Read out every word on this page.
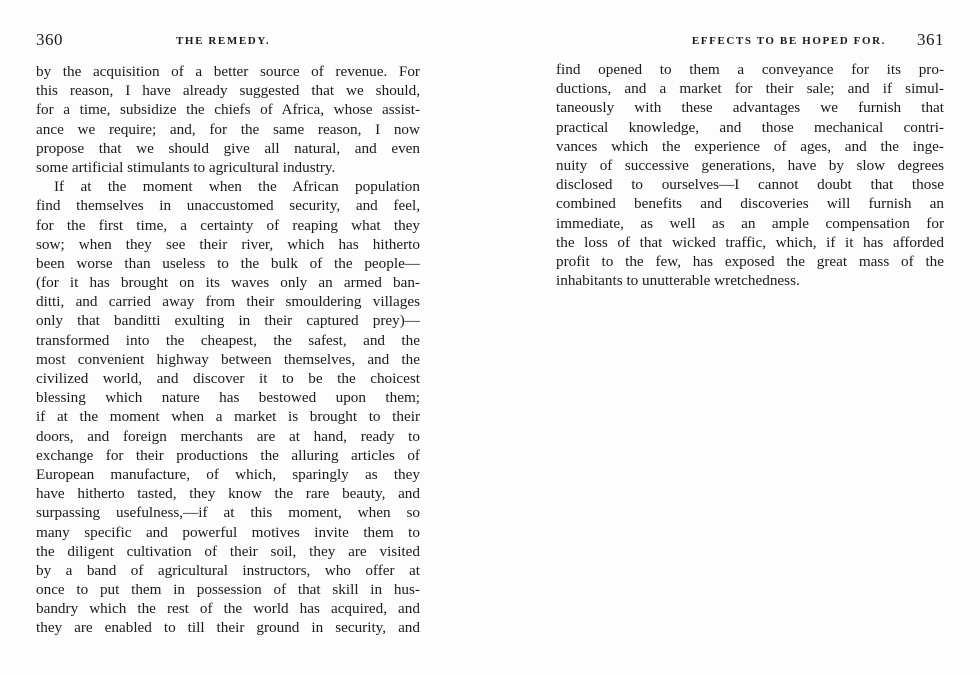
360	THE REMEDY.
by the acquisition of a better source of revenue. For
this reason, I have already suggested that we should,
for a time, subsidize the chiefs of Africa, whose assist-
ance we require; and, for the same reason, I now
propose that we should give all natural, and even
some artificial stimulants to agricultural industry.
If at the moment when the African population
find themselves in unaccustomed security, and feel,
for the first time, a certainty of reaping what they
sow; when they see their river, which has hitherto
been worse than useless to the bulk of the people—
(for it has brought on its waves only an armed ban-
ditti, and carried away from their smouldering villages
only that banditti exulting in their captured prey)—
transformed into the cheapest, the safest, and the
most convenient highway between themselves, and the
civilized world, and discover it to be the choicest
blessing which nature has bestowed upon them;
if at the moment when a market is brought to their
doors, and foreign merchants are at hand, ready to
exchange for their productions the alluring articles of
European manufacture, of which, sparingly as they
have hitherto tasted, they know the rare beauty, and
surpassing usefulness,—if at this moment, when so
many specific and powerful motives invite them to
the diligent cultivation of their soil, they are visited
by a band of agricultural instructors, who offer at
once to put them in possession of that skill in hus-
bandry which the rest of the world has acquired, and
they are enabled to till their ground in security, and
EFFECTS TO BE HOPED FOR. 361
find opened to them a conveyance for its pro-
ductions, and a market for their sale; and if simul-
taneously with these advantages we furnish that
practical knowledge, and those mechanical contri-
vances which the experience of ages, and the inge-
nuity of successive generations, have by slow degrees
disclosed to ourselves—I cannot doubt that those
combined benefits and discoveries will furnish an
immediate, as well as an ample compensation for
the loss of that wicked traffic, which, if it has afforded
profit to the few, has exposed the great mass of the
inhabitants to unutterable wretchedness.
